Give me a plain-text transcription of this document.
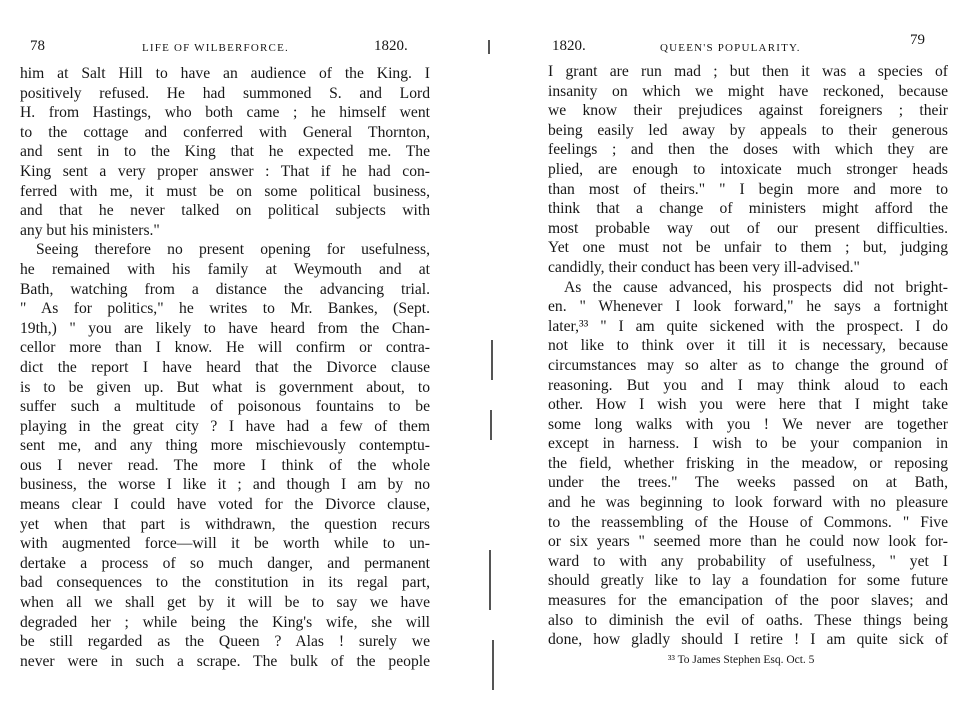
78	LIFE OF WILBERFORCE.	1820.
him at Salt Hill to have an audience of the King. I
positively refused. He had summoned S. and Lord
H. from Hastings, who both came ; he himself went
to the cottage and conferred with General Thornton,
and sent in to the King that he expected me. The
King sent a very proper answer : That if he had con-
ferred with me, it must be on some political business,
and that he never talked on political subjects with
any but his ministers."
Seeing therefore no present opening for usefulness,
he remained with his family at Weymouth and at
Bath, watching from a distance the advancing trial.
" As for politics," he writes to Mr. Bankes, (Sept.
19th,) " you are likely to have heard from the Chan-
cellor more than I know. He will confirm or contra-
dict the report I have heard that the Divorce clause
is to be given up. But what is government about, to
suffer such a multitude of poisonous fountains to be
playing in the great city ? I have had a few of them
sent me, and any thing more mischievously contemptu-
ous I never read. The more I think of the whole
business, the worse I like it ; and though I am by no
means clear I could have voted for the Divorce clause,
yet when that part is withdrawn, the question recurs
with augmented force—will it be worth while to un-
dertake a process of so much danger, and permanent
bad consequences to the constitution in its regal part,
when all we shall get by it will be to say we have
degraded her ; while being the King's wife, she will
be still regarded as the Queen ? Alas ! surely we
never were in such a scrape. The bulk of the people
1820.	QUEEN'S POPULARITY.	79
I grant are run mad ; but then it was a species of
insanity on which we might have reckoned, because
we know their prejudices against foreigners ; their
being easily led away by appeals to their generous
feelings ; and then the doses with which they are
plied, are enough to intoxicate much stronger heads
than most of theirs." " I begin more and more to
think that a change of ministers might afford the
most probable way out of our present difficulties.
Yet one must not be unfair to them ; but, judging
candidly, their conduct has been very ill-advised."
As the cause advanced, his prospects did not bright-
en. " Whenever I look forward," he says a fortnight
later,³³ " I am quite sickened with the prospect. I do
not like to think over it till it is necessary, because
circumstances may so alter as to change the ground of
reasoning. But you and I may think aloud to each
other. How I wish you were here that I might take
some long walks with you ! We never are together
except in harness. I wish to be your companion in
the field, whether frisking in the meadow, or reposing
under the trees." The weeks passed on at Bath,
and he was beginning to look forward with no pleasure
to the reassembling of the House of Commons. " Five
or six years " seemed more than he could now look for-
ward to with any probability of usefulness, " yet I
should greatly like to lay a foundation for some future
measures for the emancipation of the poor slaves; and
also to diminish the evil of oaths. These things being
done, how gladly should I retire ! I am quite sick of
³³ To James Stephen Esq. Oct. 5
